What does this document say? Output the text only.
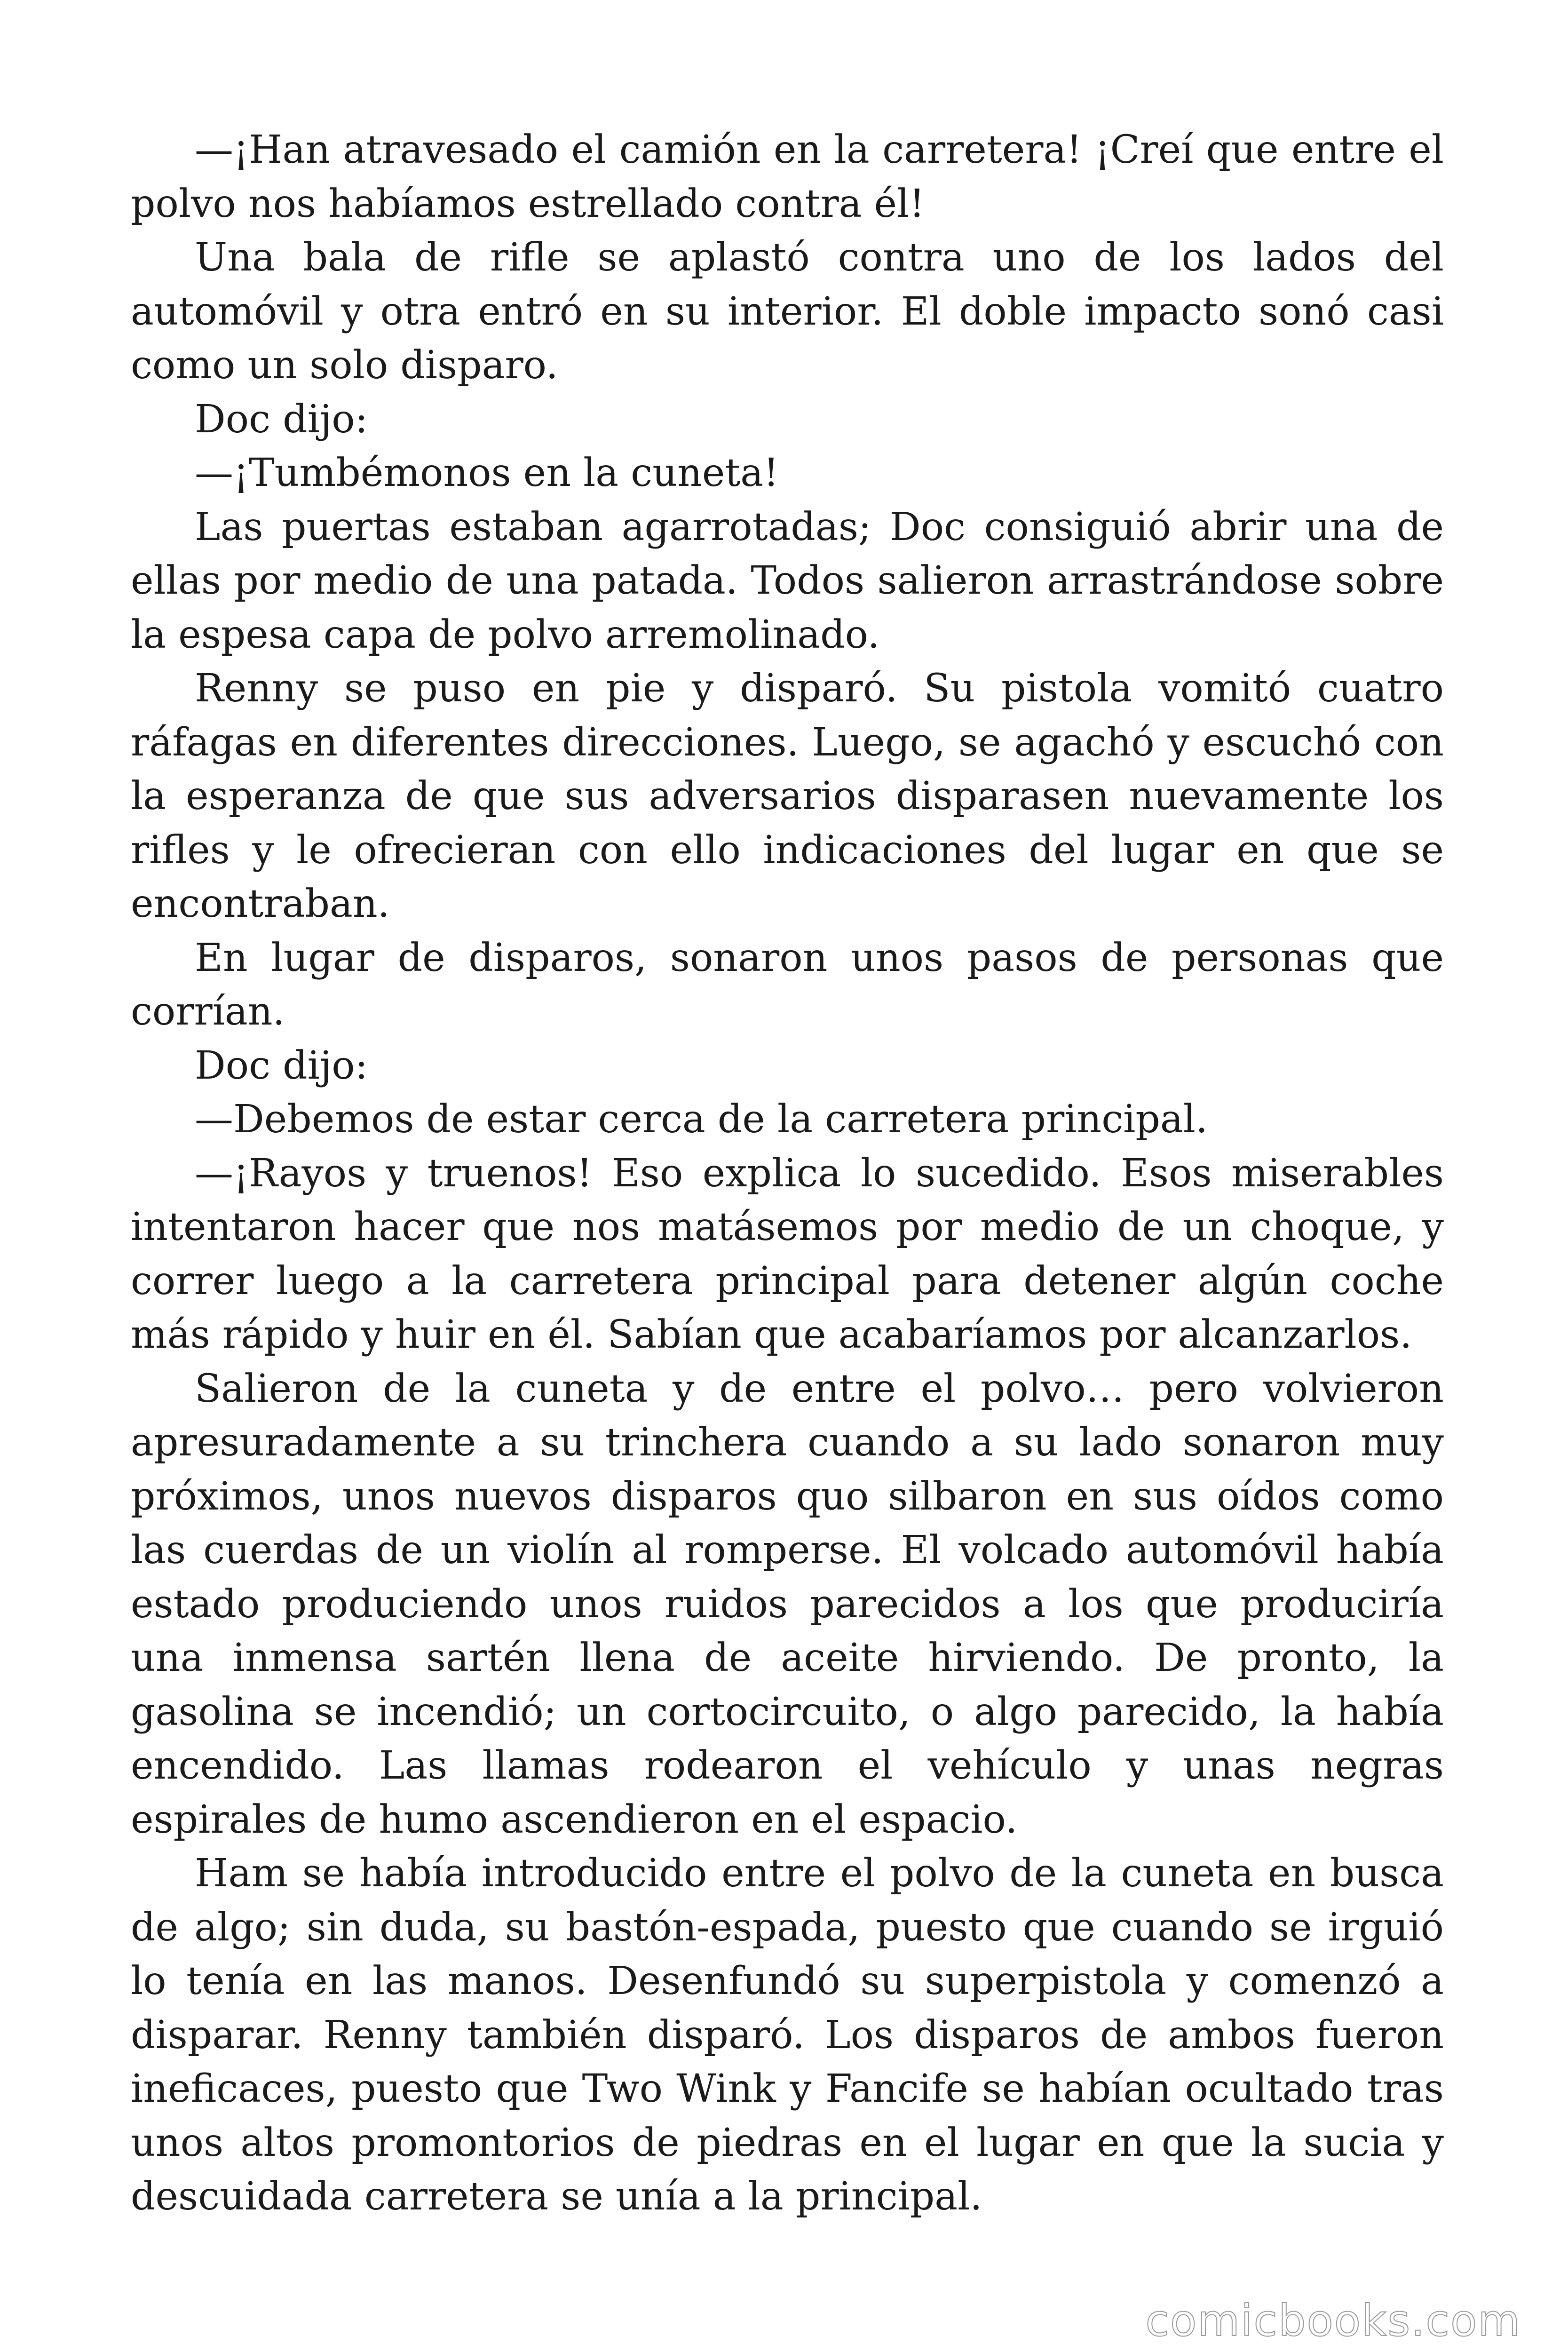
—¡Han atravesado el camión en la carretera! ¡Creí que entre el polvo nos habíamos estrellado contra él!

Una bala de rifle se aplastó contra uno de los lados del automóvil y otra entró en su interior. El doble impacto sonó casi como un solo disparo.

Doc dijo:

—¡Tumbémonos en la cuneta!

Las puertas estaban agarrotadas; Doc consiguió abrir una de ellas por medio de una patada. Todos salieron arrastrándose sobre la espesa capa de polvo arremolinado.

Renny se puso en pie y disparó. Su pistola vomitó cuatro ráfagas en diferentes direcciones. Luego, se agachó y escuchó con la esperanza de que sus adversarios disparasen nuevamente los rifles y le ofrecieran con ello indicaciones del lugar en que se encontraban.

En lugar de disparos, sonaron unos pasos de personas que corrían.

Doc dijo:

—Debemos de estar cerca de la carretera principal.

—¡Rayos y truenos! Eso explica lo sucedido. Esos miserables intentaron hacer que nos matásemos por medio de un choque, y correr luego a la carretera principal para detener algún coche más rápido y huir en él. Sabían que acabaríamos por alcanzarlos.

Salieron de la cuneta y de entre el polvo… pero volvieron apresuradamente a su trinchera cuando a su lado sonaron muy próximos, unos nuevos disparos quo silbaron en sus oídos como las cuerdas de un violín al romperse. El volcado automóvil había estado produciendo unos ruidos parecidos a los que produciría una inmensa sartén llena de aceite hirviendo. De pronto, la gasolina se incendió; un cortocircuito, o algo parecido, la había encendido. Las llamas rodearon el vehículo y unas negras espirales de humo ascendieron en el espacio.

Ham se había introducido entre el polvo de la cuneta en busca de algo; sin duda, su bastón-espada, puesto que cuando se irguió lo tenía en las manos. Desenfundó su superpistola y comenzó a disparar. Renny también disparó. Los disparos de ambos fueron ineficaces, puesto que Two Wink y Fancife se habían ocultado tras unos altos promontorios de piedras en el lugar en que la sucia y descuidada carretera se unía a la principal.

comicbooks.com
